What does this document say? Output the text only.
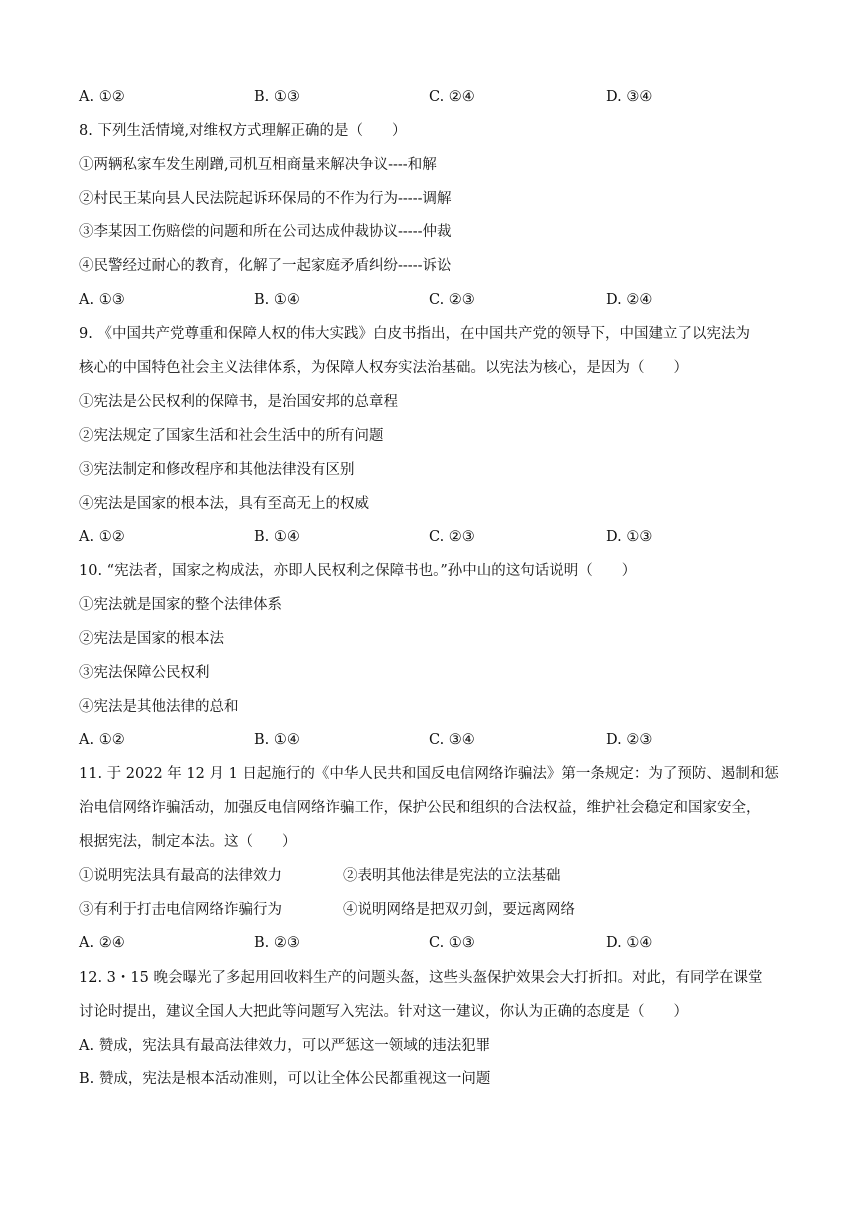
A. ①②	B. ①③	C. ②④	D. ③④
8. 下列生活情境,对维权方式理解正确的是（　　）
①两辆私家车发生剐蹭,司机互相商量来解决争议----和解
②村民王某向县人民法院起诉环保局的不作为行为-----调解
③李某因工伤赔偿的问题和所在公司达成仲裁协议-----仲裁
④民警经过耐心的教育，化解了一起家庭矛盾纠纷-----诉讼
A. ①③	B. ①④	C. ②③	D. ②④
9. 《中国共产党尊重和保障人权的伟大实践》白皮书指出，在中国共产党的领导下，中国建立了以宪法为
核心的中国特色社会主义法律体系，为保障人权夯实法治基础。以宪法为核心，是因为（　　）
①宪法是公民权利的保障书，是治国安邦的总章程
②宪法规定了国家生活和社会生活中的所有问题
③宪法制定和修改程序和其他法律没有区别
④宪法是国家的根本法，具有至高无上的权威
A. ①②	B. ①④	C. ②③	D. ①③
10. “宪法者，国家之构成法，亦即人民权利之保障书也。”孙中山的这句话说明（　　）
①宪法就是国家的整个法律体系
②宪法是国家的根本法
③宪法保障公民权利
④宪法是其他法律的总和
A. ①②	B. ①④	C. ③④	D. ②③
11. 于 2022 年 12 月 1 日起施行的《中华人民共和国反电信网络诈骗法》第一条规定：为了预防、遏制和惩
治电信网络诈骗活动，加强反电信网络诈骗工作，保护公民和组织的合法权益，维护社会稳定和国家安全，
根据宪法，制定本法。这（　　）
①说明宪法具有最高的法律效力	②表明其他法律是宪法的立法基础
③有利于打击电信网络诈骗行为	④说明网络是把双刃剑，要远离网络
A. ②④	B. ②③	C. ①③	D. ①④
12. 3・15 晚会曝光了多起用回收料生产的问题头盔，这些头盔保护效果会大打折扣。对此，有同学在课堂
讨论时提出，建议全国人大把此等问题写入宪法。针对这一建议，你认为正确的态度是（　　）
A. 赞成，宪法具有最高法律效力，可以严惩这一领域的违法犯罪
B. 赞成，宪法是根本活动准则，可以让全体公民都重视这一问题
